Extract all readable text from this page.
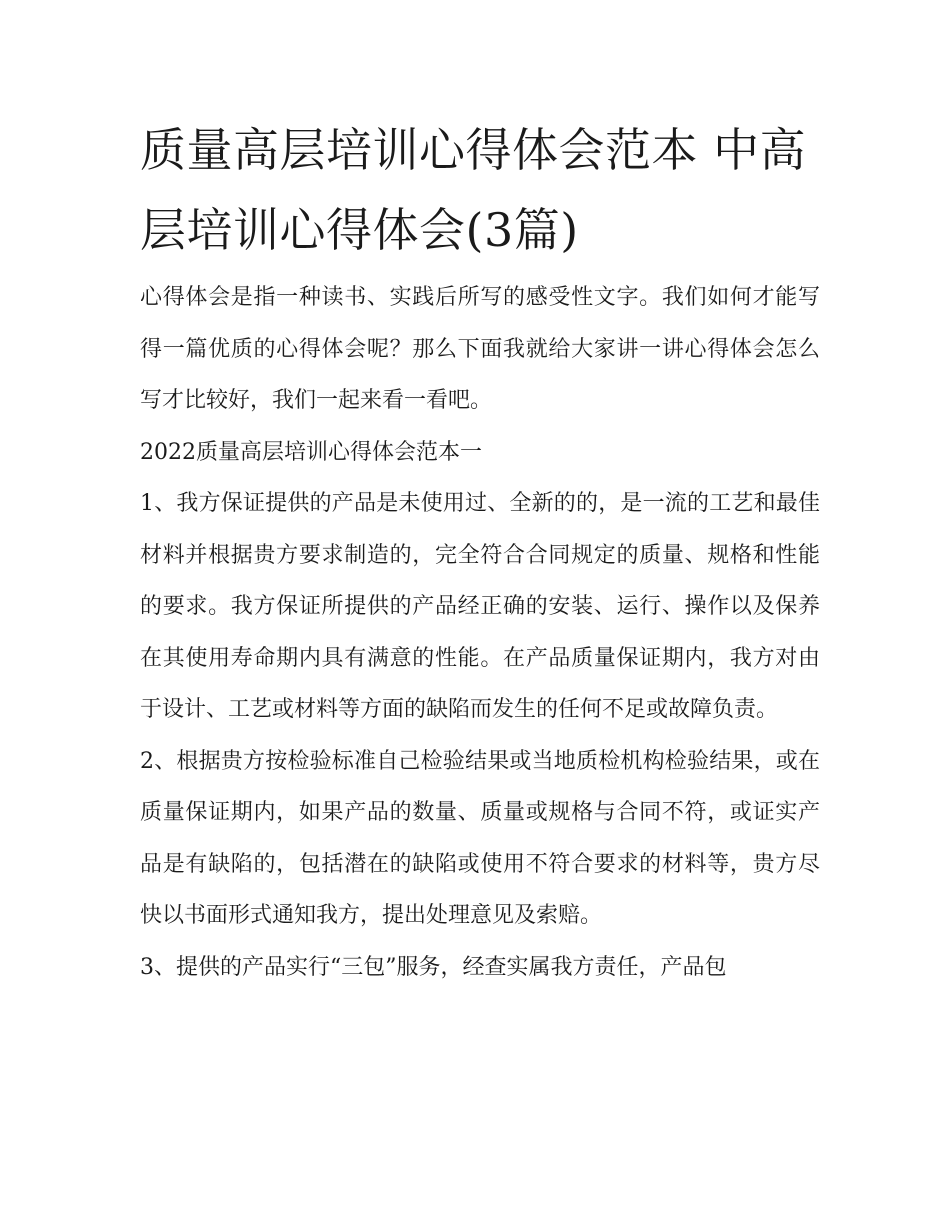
质量高层培训心得体会范本 中高层培训心得体会(3篇)

心得体会是指一种读书、实践后所写的感受性文字。我们如何才能写得一篇优质的心得体会呢？那么下面我就给大家讲一讲心得体会怎么写才比较好，我们一起来看一看吧。

2022质量高层培训心得体会范本一

1、我方保证提供的产品是未使用过、全新的的，是一流的工艺和最佳材料并根据贵方要求制造的，完全符合合同规定的质量、规格和性能的要求。我方保证所提供的产品经正确的安装、运行、操作以及保养在其使用寿命期内具有满意的性能。在产品质量保证期内，我方对由于设计、工艺或材料等方面的缺陷而发生的任何不足或故障负责。

2、根据贵方按检验标准自己检验结果或当地质检机构检验结果，或在质量保证期内，如果产品的数量、质量或规格与合同不符，或证实产品是有缺陷的，包括潜在的缺陷或使用不符合要求的材料等，贵方尽快以书面形式通知我方，提出处理意见及索赔。

3、提供的产品实行“三包”服务，经查实属我方责任，产品包
